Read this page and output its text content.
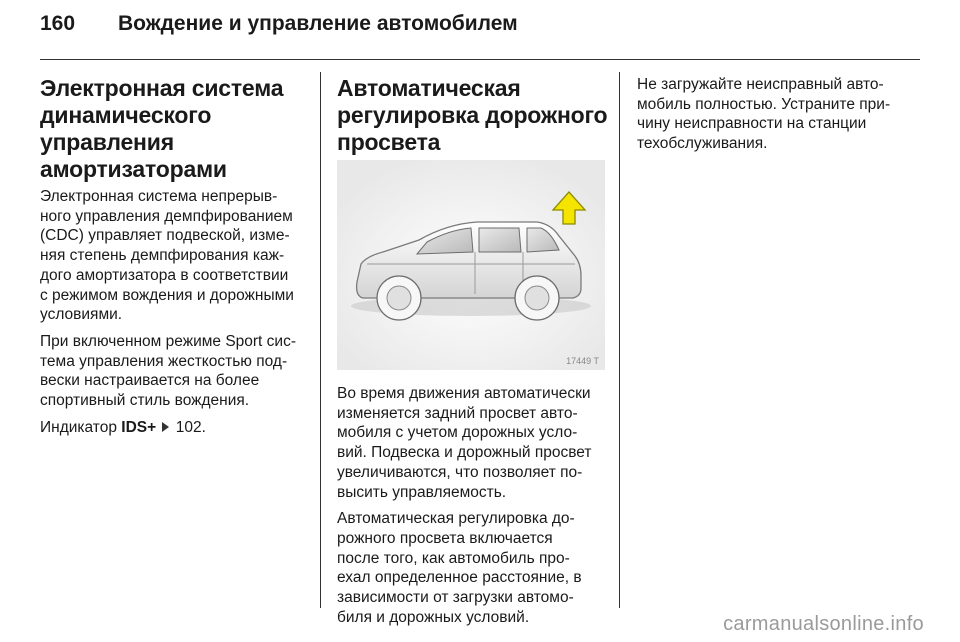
160 Вождение и управление автомобилем
Электронная система
динамического
управления
амортизаторами

Электронная система непрерыв-
ного управления демпфированием
(CDC) управляет подвеской, изме-
няя степень демпфирования каж-
дого амортизатора в соответствии
с режимом вождения и дорожными
условиями.

При включенном режиме Sport сис-
тема управления жесткостью под-
вески настраивается на более
спортивный стиль вождения.

Индикатор IDS+ 102.

Автоматическая
регулировка дорожного
просвета
17449 T

Во время движения автоматически
изменяется задний просвет авто-
мобиля с учетом дорожных усло-
вий. Подвеска и дорожный просвет
увеличиваются, что позволяет по-
высить управляемость.

Автоматическая регулировка до-
рожного просвета включается
после того, как автомобиль про-
ехал определенное расстояние, в
зависимости от загрузки автомо-
биля и дорожных условий.

Не загружайте неисправный авто-
мобиль полностью. Устраните при-
чину неисправности на станции
техобслуживания.

carmanualsonline.info
